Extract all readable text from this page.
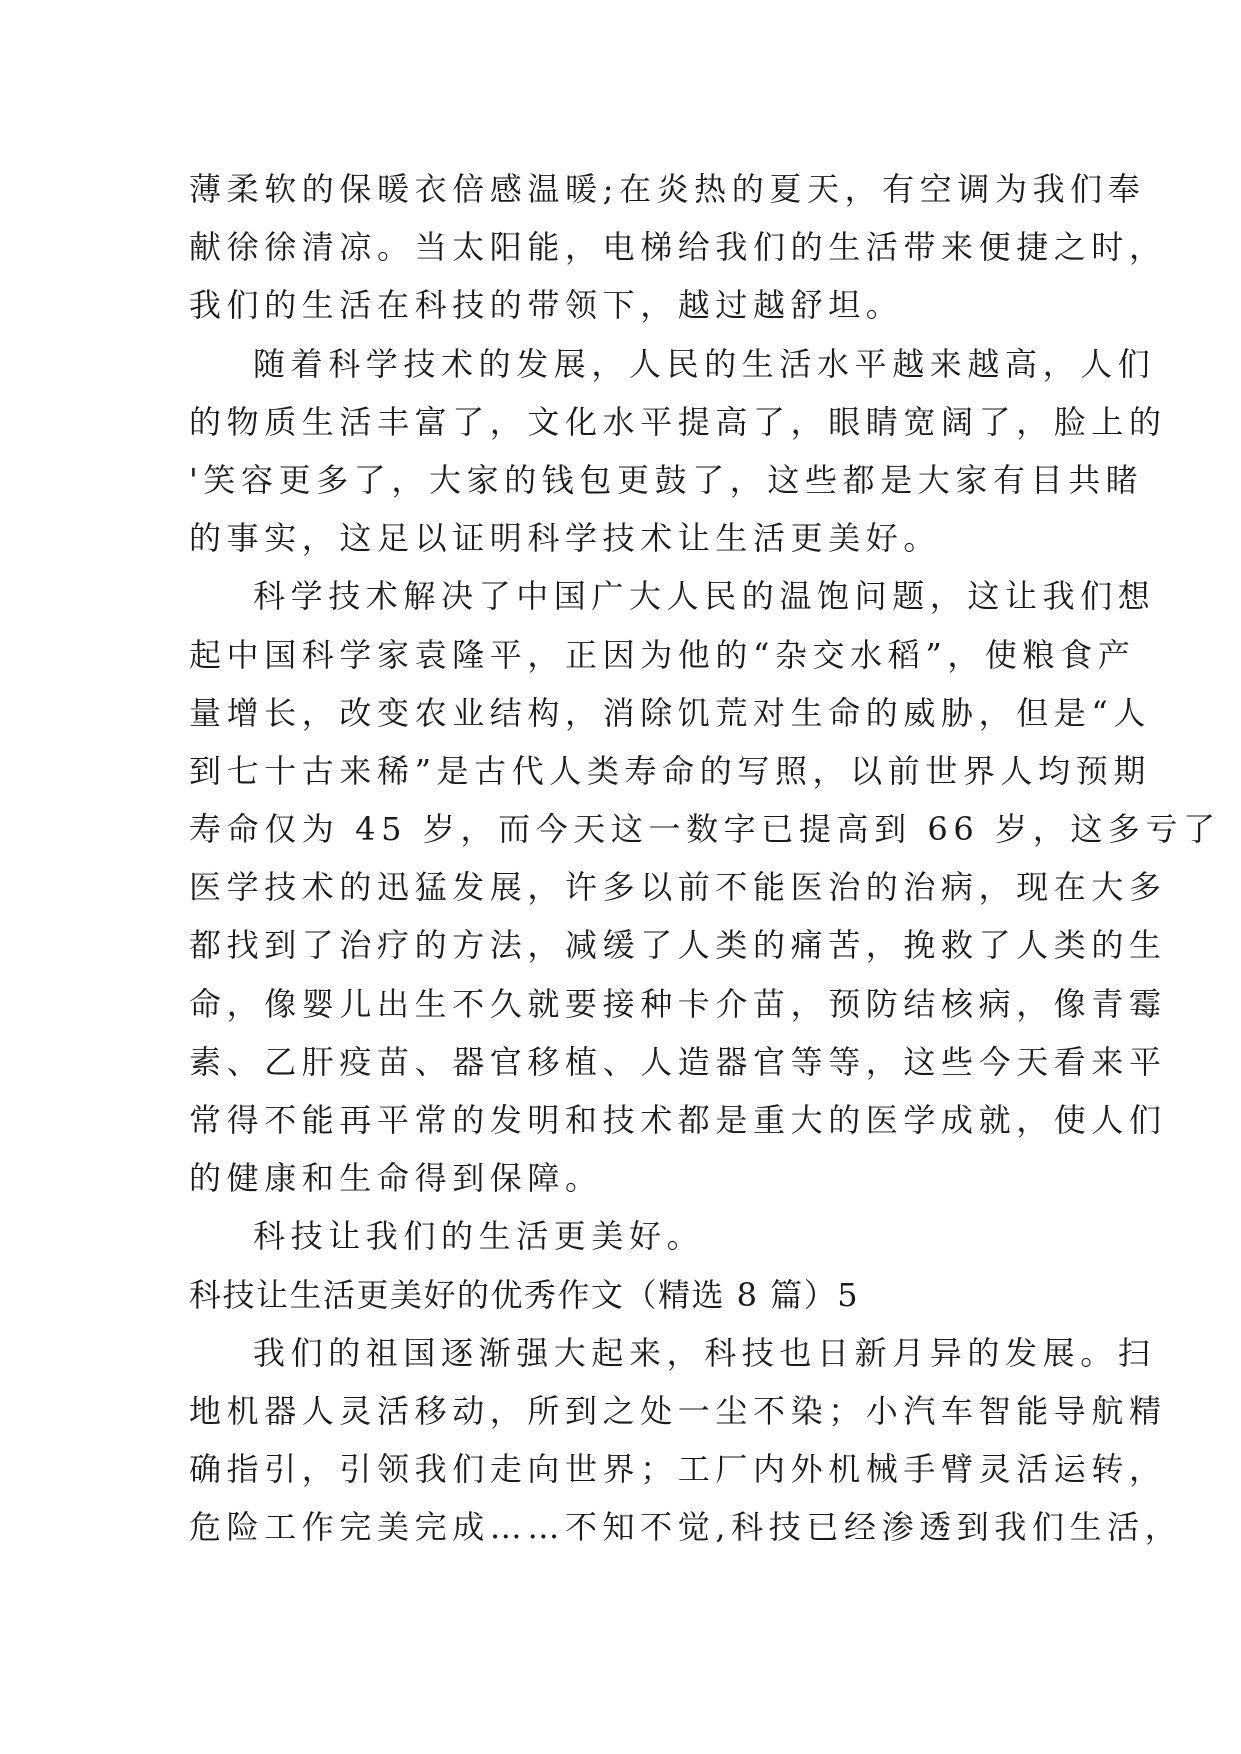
薄柔软的保暖衣倍感温暖;在炎热的夏天，有空调为我们奉
献徐徐清凉。当太阳能，电梯给我们的生活带来便捷之时，
我们的生活在科技的带领下，越过越舒坦。
随着科学技术的发展，人民的生活水平越来越高，人们
的物质生活丰富了，文化水平提高了，眼睛宽阔了，脸上的
'笑容更多了，大家的钱包更鼓了，这些都是大家有目共睹
的事实，这足以证明科学技术让生活更美好。
科学技术解决了中国广大人民的温饱问题，这让我们想
起中国科学家袁隆平，正因为他的“杂交水稻”，使粮食产
量增长，改变农业结构，消除饥荒对生命的威胁，但是“人
到七十古来稀”是古代人类寿命的写照，以前世界人均预期
寿命仅为 45 岁，而今天这一数字已提高到 66 岁，这多亏了
医学技术的迅猛发展，许多以前不能医治的治病，现在大多
都找到了治疗的方法，减缓了人类的痛苦，挽救了人类的生
命，像婴儿出生不久就要接种卡介苗，预防结核病，像青霉
素、乙肝疫苗、器官移植、人造器官等等，这些今天看来平
常得不能再平常的发明和技术都是重大的医学成就，使人们
的健康和生命得到保障。
科技让我们的生活更美好。
科技让生活更美好的优秀作文（精选 8 篇）5
我们的祖国逐渐强大起来，科技也日新月异的发展。扫
地机器人灵活移动，所到之处一尘不染；小汽车智能导航精
确指引，引领我们走向世界；工厂内外机械手臂灵活运转，
危险工作完美完成……不知不觉,科技已经渗透到我们生活，
